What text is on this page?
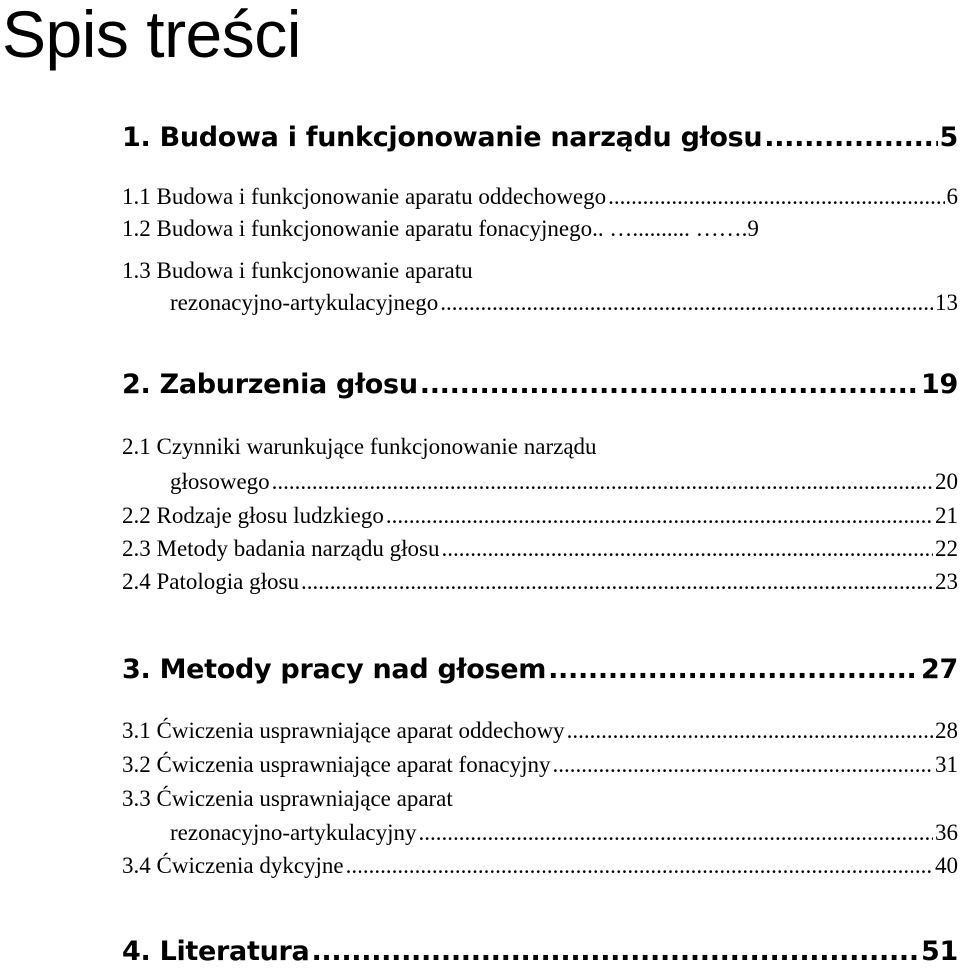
Spis treści
1. Budowa i funkcjonowanie narządu głosu .....	5
1.1 Budowa i funkcjonowanie aparatu oddechowego .....	6
1.2 Budowa i funkcjonowanie aparatu fonacyjnego.. ….......... …….9
1.3 Budowa i funkcjonowanie aparatu
rezonacyjno-artykulacyjnego .....	13
2. Zaburzenia głosu .....	19
2.1 Czynniki warunkujące funkcjonowanie narządu
głosowego .....	20
2.2 Rodzaje głosu ludzkiego .....	21
2.3 Metody badania narządu głosu .....	22
2.4 Patologia głosu .....	23
3. Metody pracy nad głosem .....	27
3.1 Ćwiczenia usprawniające aparat oddechowy .....	28
3.2 Ćwiczenia usprawniające aparat fonacyjny .....	31
3.3 Ćwiczenia usprawniające aparat
rezonacyjno-artykulacyjny .....	36
3.4 Ćwiczenia dykcyjne .....	40
4. Literatura .....	51
